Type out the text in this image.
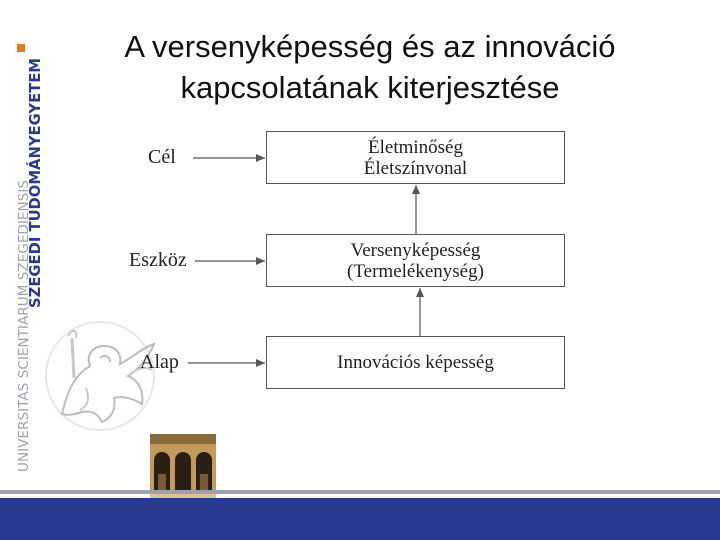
SZEGEDI TUDOMÁNYEGYETEM
UNIVERSITAS SCIENTIARUM SZEGEDIENSIS
A versenyképesség és az innováció
kapcsolatának kiterjesztése
Cél
Eszköz
Alap
Életminőség
Életszínvonal
Versenyképesség
(Termelékenység)
Innovációs képesség
